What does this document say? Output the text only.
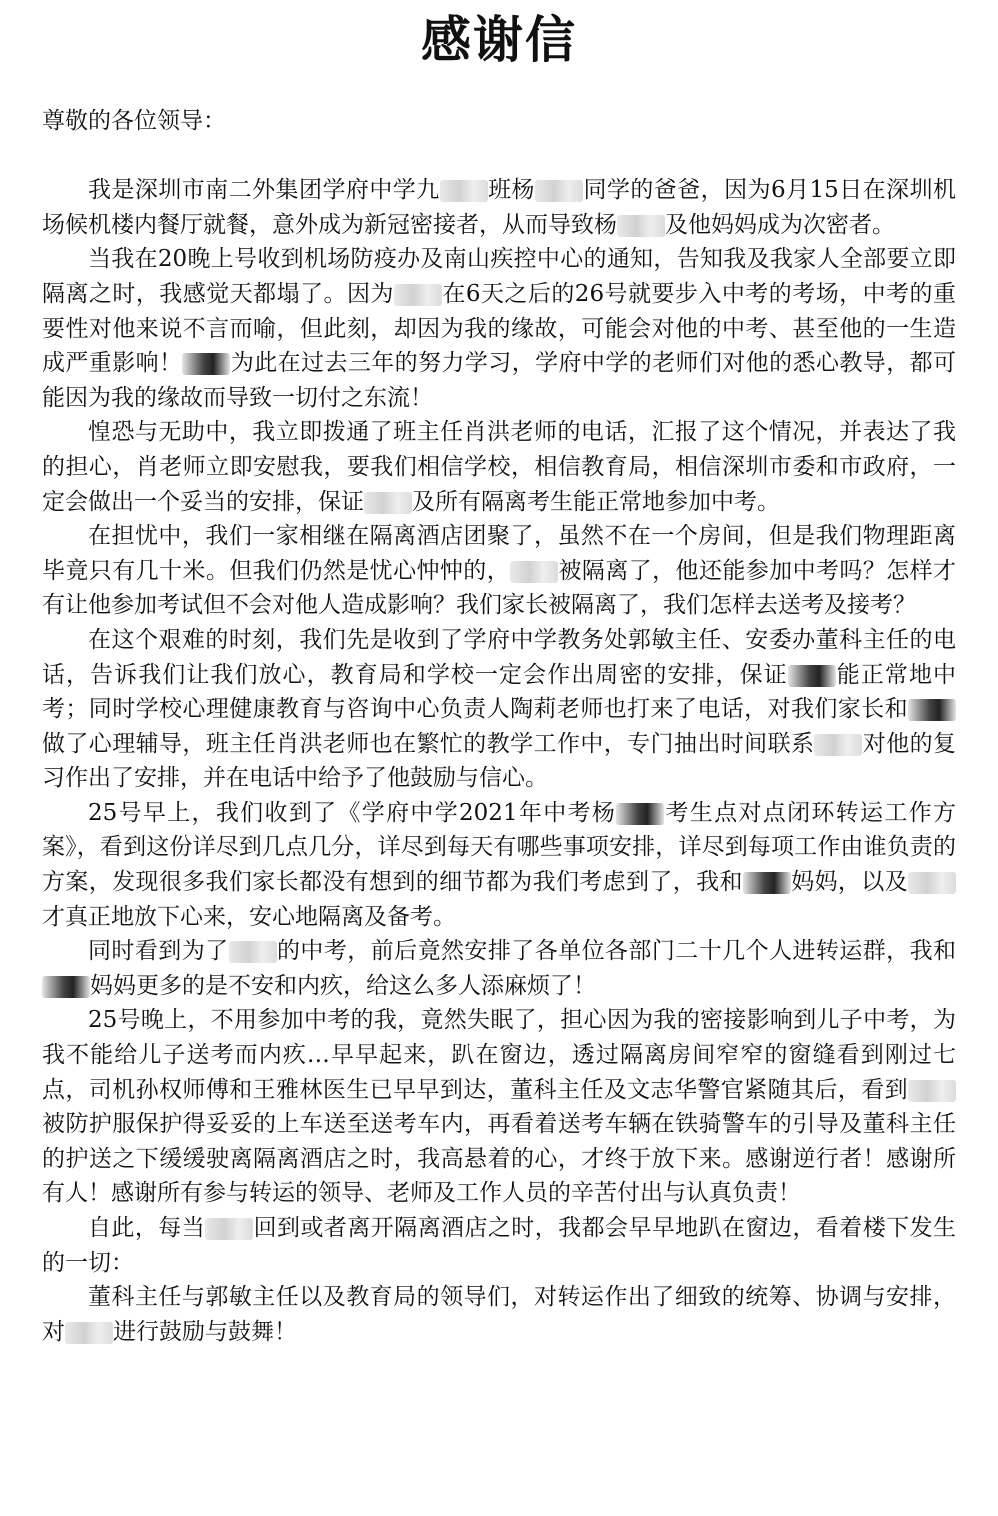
感谢信

尊敬的各位领导：

我是深圳市南二外集团学府中学九 班杨 同学的爸爸，因为6月15日在深圳机场候机楼内餐厅就餐，意外成为新冠密接者，从而导致杨 及他妈妈成为次密者。

当我在20晚上号收到机场防疫办及南山疾控中心的通知，告知我及我家人全部要立即隔离之时，我感觉天都塌了。因为 在6天之后的26号就要步入中考的考场，中考的重要性对他来说不言而喻，但此刻，却因为我的缘故，可能会对他的中考、甚至他的一生造成严重影响！ 为此在过去三年的努力学习，学府中学的老师们对他的悉心教导，都可能因为我的缘故而导致一切付之东流！

惶恐与无助中，我立即拨通了班主任肖洪老师的电话，汇报了这个情况，并表达了我的担心，肖老师立即安慰我，要我们相信学校，相信教育局，相信深圳市委和市政府，一定会做出一个妥当的安排，保证 及所有隔离考生能正常地参加中考。

在担忧中，我们一家相继在隔离酒店团聚了，虽然不在一个房间，但是我们物理距离毕竟只有几十米。但我们仍然是忧心忡忡的， 被隔离了，他还能参加中考吗？怎样才有让他参加考试但不会对他人造成影响？我们家长被隔离了，我们怎样去送考及接考？

在这个艰难的时刻，我们先是收到了学府中学教务处郭敏主任、安委办董科主任的电话，告诉我们让我们放心，教育局和学校一定会作出周密的安排，保证 能正常地中考；同时学校心理健康教育与咨询中心负责人陶莉老师也打来了电话，对我们家长和做了心理辅导，班主任肖洪老师也在繁忙的教学工作中，专门抽出时间联系 对他的复习作出了安排，并在电话中给予了他鼓励与信心。

25号早上，我们收到了《学府中学2021年中考杨 考生点对点闭环转运工作方案》，看到这份详尽到几点几分，详尽到每天有哪些事项安排，详尽到每项工作由谁负责的方案，发现很多我们家长都没有想到的细节都为我们考虑到了，我和 妈妈，以及才真正地放下心来，安心地隔离及备考。

同时看到为了 的中考，前后竟然安排了各单位各部门二十几个人进转运群，我和妈妈更多的是不安和内疚，给这么多人添麻烦了！

25号晚上，不用参加中考的我，竟然失眠了，担心因为我的密接影响到儿子中考，为我不能给儿子送考而内疚…早早起来，趴在窗边，透过隔离房间窄窄的窗缝看到刚过七点，司机孙权师傅和王雅林医生已早早到达，董科主任及文志华警官紧随其后，看到被防护服保护得妥妥的上车送至送考车内，再看着送考车辆在铁骑警车的引导及董科主任的护送之下缓缓驶离隔离酒店之时，我高悬着的心，才终于放下来。感谢逆行者！感谢所有人！感谢所有参与转运的领导、老师及工作人员的辛苦付出与认真负责！

自此，每当 回到或者离开隔离酒店之时，我都会早早地趴在窗边，看着楼下发生的一切：

董科主任与郭敏主任以及教育局的领导们，对转运作出了细致的统筹、协调与安排，对 进行鼓励与鼓舞！
